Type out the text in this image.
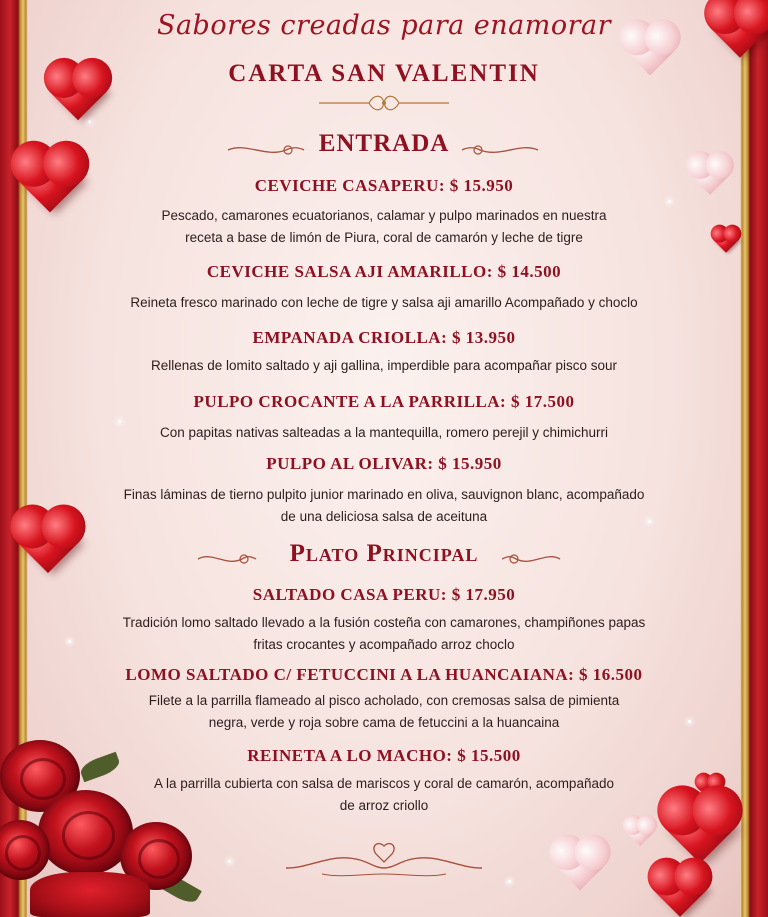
Sabores creadas para enamorar
CARTA SAN VALENTIN
ENTRADA
CEVICHE CASAPERU: $ 15.950
Pescado, camarones ecuatorianos, calamar y pulpo marinados en nuestra
receta a base de limón de Piura, coral de camarón y leche de tigre
CEVICHE SALSA AJI AMARILLO: $ 14.500
Reineta fresco marinado con leche de tigre y salsa aji amarillo Acompañado y choclo
EMPANADA CRIOLLA: $ 13.950
Rellenas de lomito saltado y aji gallina, imperdible para acompañar pisco sour
PULPO CROCANTE A LA PARRILLA: $ 17.500
Con papitas nativas salteadas a la mantequilla, romero perejil y chimichurri
PULPO AL OLIVAR: $ 15.950
Finas láminas de tierno pulpito junior marinado en oliva, sauvignon blanc, acompañado
de una deliciosa salsa de aceituna
Plato Principal
SALTADO CASA PERU: $ 17.950
Tradición lomo saltado llevado a la fusión costeña con camarones, champiñones papas
fritas crocantes y acompañado arroz choclo
LOMO SALTADO C/ FETUCCINI A LA HUANCAIANA: $ 16.500
Filete a la parrilla flameado al pisco acholado, con cremosas salsa de pimienta
negra, verde y roja sobre cama de fetuccini a la huancaina
REINETA A LO MACHO: $ 15.500
A la parrilla cubierta con salsa de mariscos y coral de camarón, acompañado
de arroz criollo
